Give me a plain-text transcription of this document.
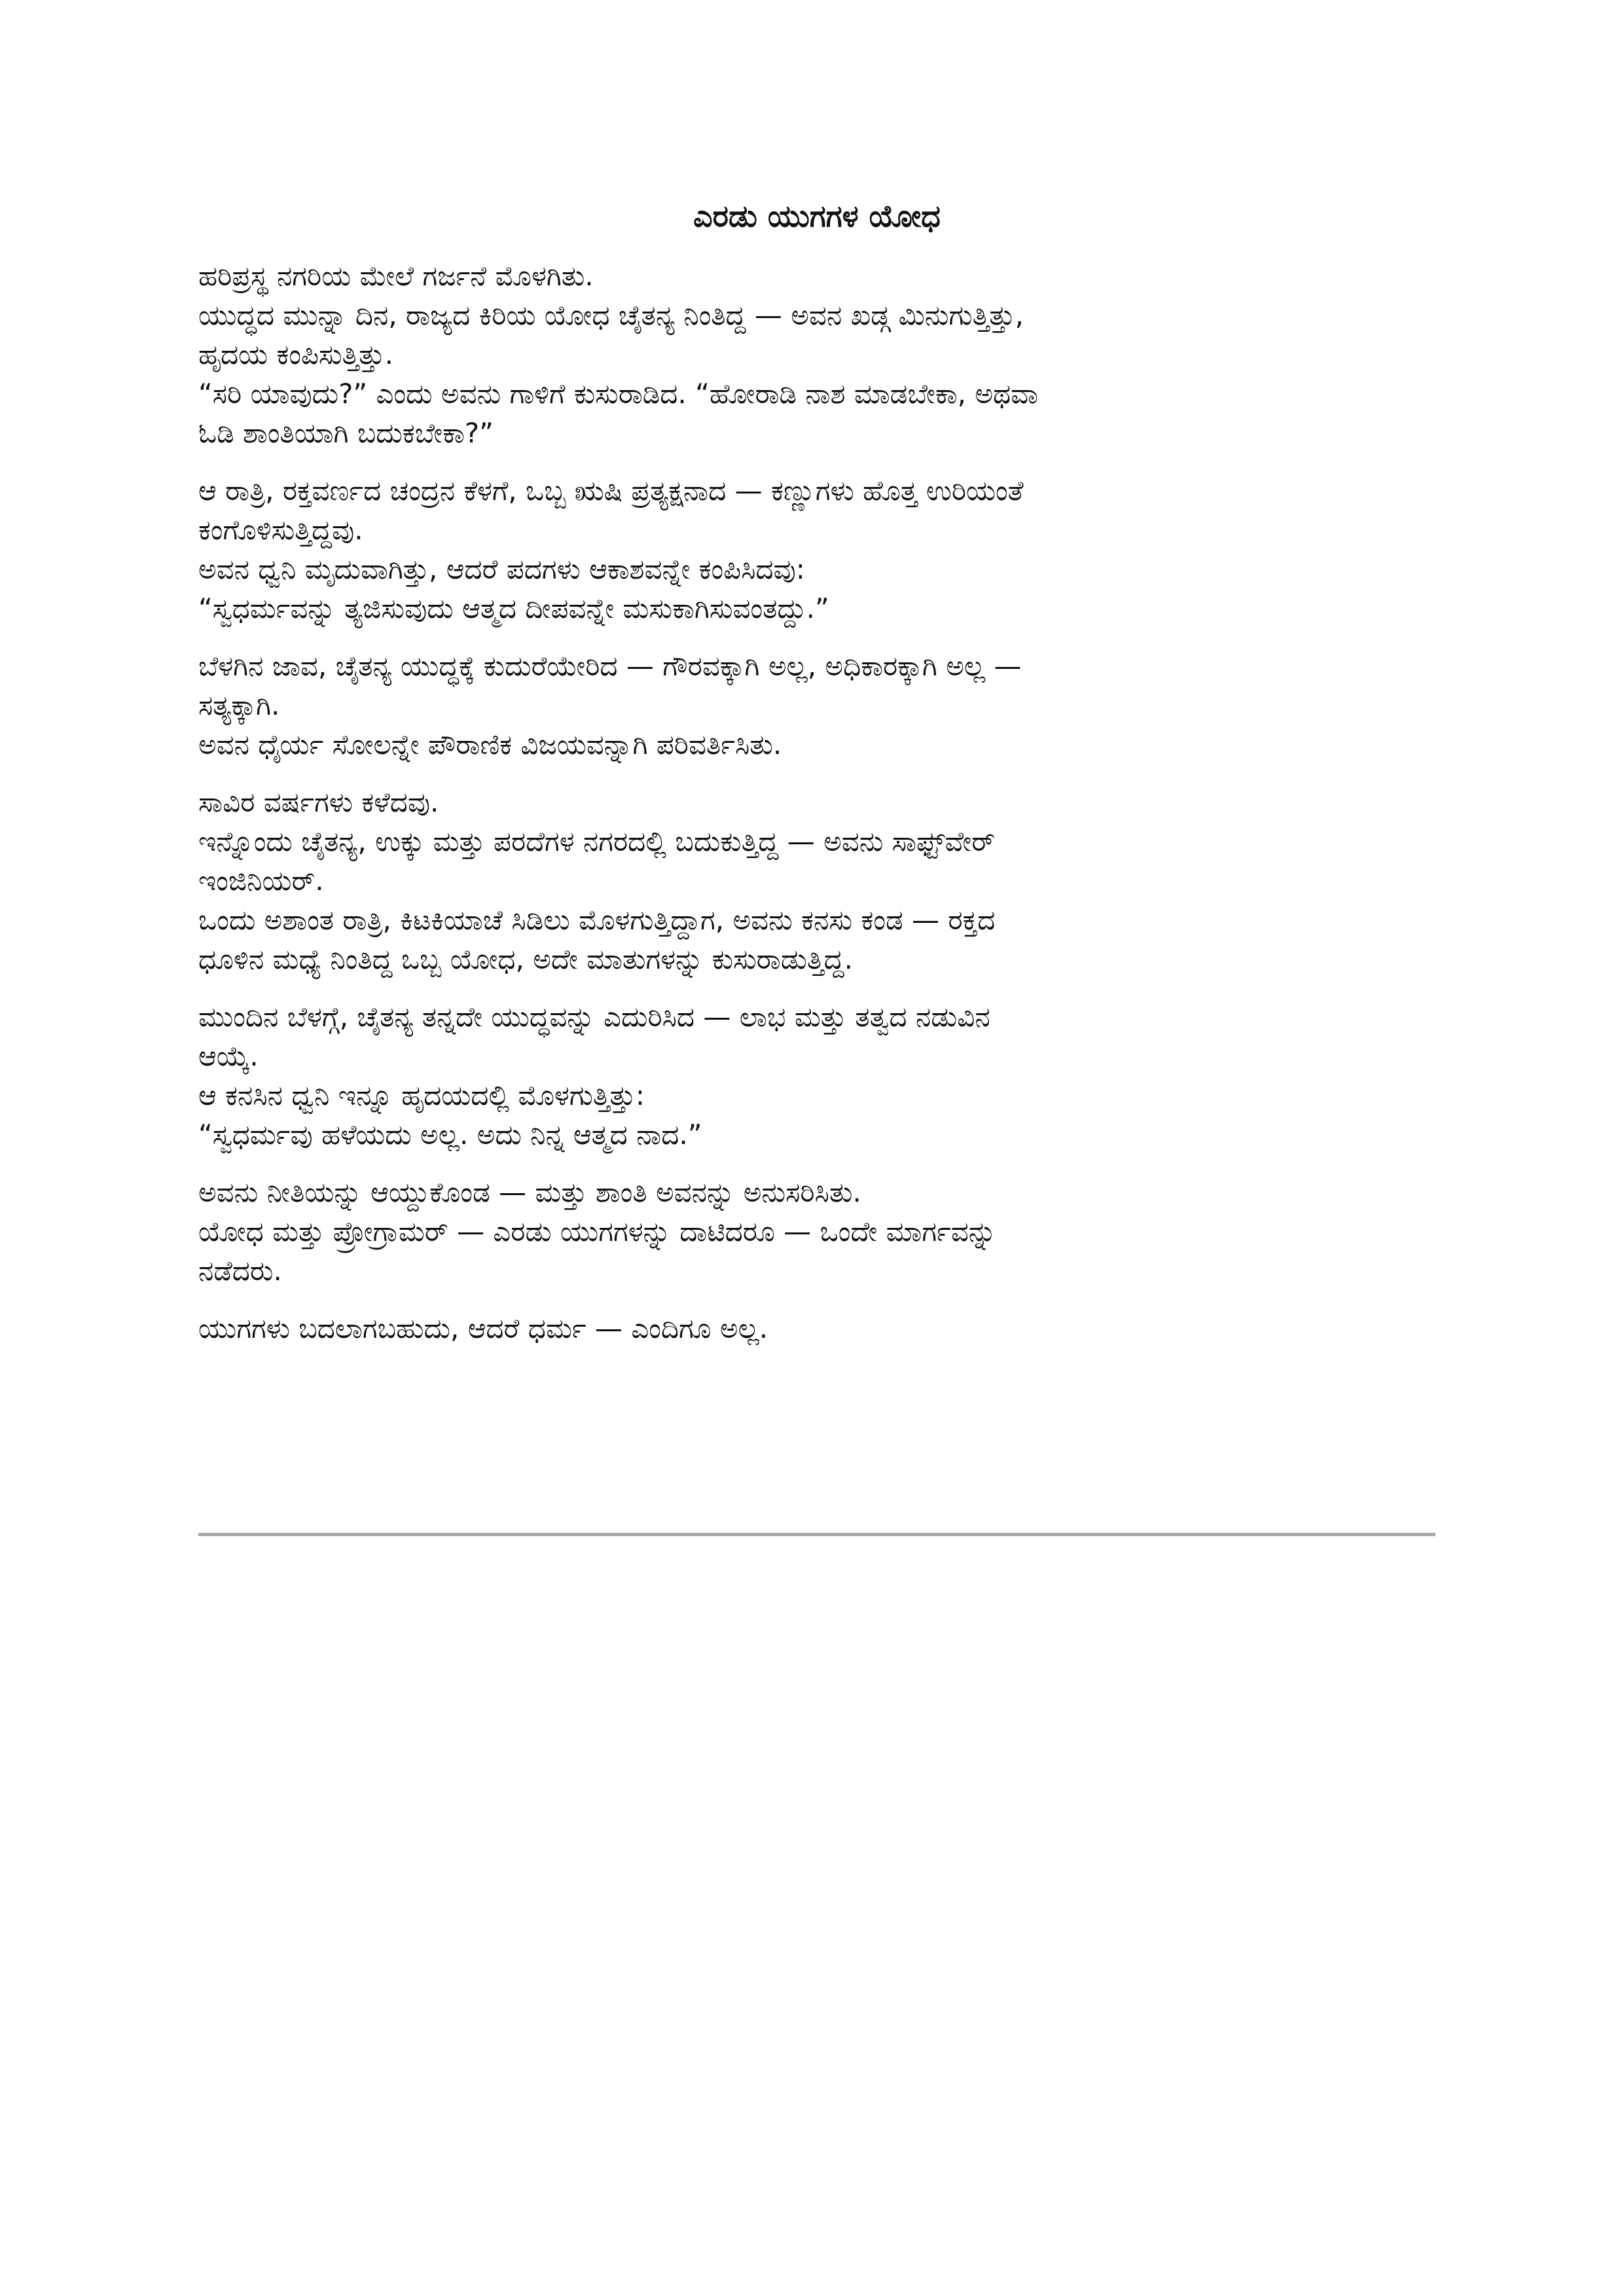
ಎರಡು ಯುಗಗಳ ಯೋಧ
ಹರಿಪ್ರಸ್ಥ ನಗರಿಯ ಮೇಲೆ ಗರ್ಜನೆ ಮೊಳಗಿತು.
ಯುದ್ಧದ ಮುನ್ನಾ ದಿನ, ರಾಜ್ಯದ ಕಿರಿಯ ಯೋಧ ಚೈತನ್ಯ ನಿಂತಿದ್ದ — ಅವನ ಖಡ್ಗ ಮಿನುಗುತ್ತಿತ್ತು,
ಹೃದಯ ಕಂಪಿಸುತ್ತಿತ್ತು.
“ಸರಿ ಯಾವುದು?” ಎಂದು ಅವನು ಗಾಳಿಗೆ ಕುಸುರಾಡಿದ. “ಹೋರಾಡಿ ನಾಶ ಮಾಡಬೇಕಾ, ಅಥವಾ
ಓಡಿ ಶಾಂತಿಯಾಗಿ ಬದುಕಬೇಕಾ?”
ಆ ರಾತ್ರಿ, ರಕ್ತವರ್ಣದ ಚಂದ್ರನ ಕೆಳಗೆ, ಒಬ್ಬ ಋಷಿ ಪ್ರತ್ಯಕ್ಷನಾದ — ಕಣ್ಣುಗಳು ಹೊತ್ತ ಉರಿಯಂತೆ
ಕಂಗೊಳಿಸುತ್ತಿದ್ದವು.
ಅವನ ಧ್ವನಿ ಮೃದುವಾಗಿತ್ತು, ಆದರೆ ಪದಗಳು ಆಕಾಶವನ್ನೇ ಕಂಪಿಸಿದವು:
“ಸ್ವಧರ್ಮವನ್ನು ತ್ಯಜಿಸುವುದು ಆತ್ಮದ ದೀಪವನ್ನೇ ಮಸುಕಾಗಿಸುವಂತದ್ದು.”
ಬೆಳಗಿನ ಜಾವ, ಚೈತನ್ಯ ಯುದ್ಧಕ್ಕೆ ಕುದುರೆಯೇರಿದ — ಗೌರವಕ್ಕಾಗಿ ಅಲ್ಲ, ಅಧಿಕಾರಕ್ಕಾಗಿ ಅಲ್ಲ —
ಸತ್ಯಕ್ಕಾಗಿ.
ಅವನ ಧೈರ್ಯ ಸೋಲನ್ನೇ ಪೌರಾಣಿಕ ವಿಜಯವನ್ನಾಗಿ ಪರಿವರ್ತಿಸಿತು.
ಸಾವಿರ ವರ್ಷಗಳು ಕಳೆದವು.
ಇನ್ನೊಂದು ಚೈತನ್ಯ, ಉಕ್ಕು ಮತ್ತು ಪರದೆಗಳ ನಗರದಲ್ಲಿ ಬದುಕುತ್ತಿದ್ದ — ಅವನು ಸಾಫ್ಟ್‌ವೇರ್
ಇಂಜಿನಿಯರ್.
ಒಂದು ಅಶಾಂತ ರಾತ್ರಿ, ಕಿಟಕಿಯಾಚೆ ಸಿಡಿಲು ಮೊಳಗುತ್ತಿದ್ದಾಗ, ಅವನು ಕನಸು ಕಂಡ — ರಕ್ತದ
ಧೂಳಿನ ಮಧ್ಯೆ ನಿಂತಿದ್ದ ಒಬ್ಬ ಯೋಧ, ಅದೇ ಮಾತುಗಳನ್ನು ಕುಸುರಾಡುತ್ತಿದ್ದ.
ಮುಂದಿನ ಬೆಳಗ್ಗೆ, ಚೈತನ್ಯ ತನ್ನದೇ ಯುದ್ಧವನ್ನು ಎದುರಿಸಿದ — ಲಾಭ ಮತ್ತು ತತ್ವದ ನಡುವಿನ
ಆಯ್ಕೆ.
ಆ ಕನಸಿನ ಧ್ವನಿ ಇನ್ನೂ ಹೃದಯದಲ್ಲಿ ಮೊಳಗುತ್ತಿತ್ತು:
“ಸ್ವಧರ್ಮವು ಹಳೆಯದು ಅಲ್ಲ. ಅದು ನಿನ್ನ ಆತ್ಮದ ನಾದ.”
ಅವನು ನೀತಿಯನ್ನು ಆಯ್ದುಕೊಂಡ — ಮತ್ತು ಶಾಂತಿ ಅವನನ್ನು ಅನುಸರಿಸಿತು.
ಯೋಧ ಮತ್ತು ಪ್ರೋಗ್ರಾಮರ್ — ಎರಡು ಯುಗಗಳನ್ನು ದಾಟಿದರೂ — ಒಂದೇ ಮಾರ್ಗವನ್ನು
ನಡೆದರು.
ಯುಗಗಳು ಬದಲಾಗಬಹುದು, ಆದರೆ ಧರ್ಮ — ಎಂದಿಗೂ ಅಲ್ಲ.
